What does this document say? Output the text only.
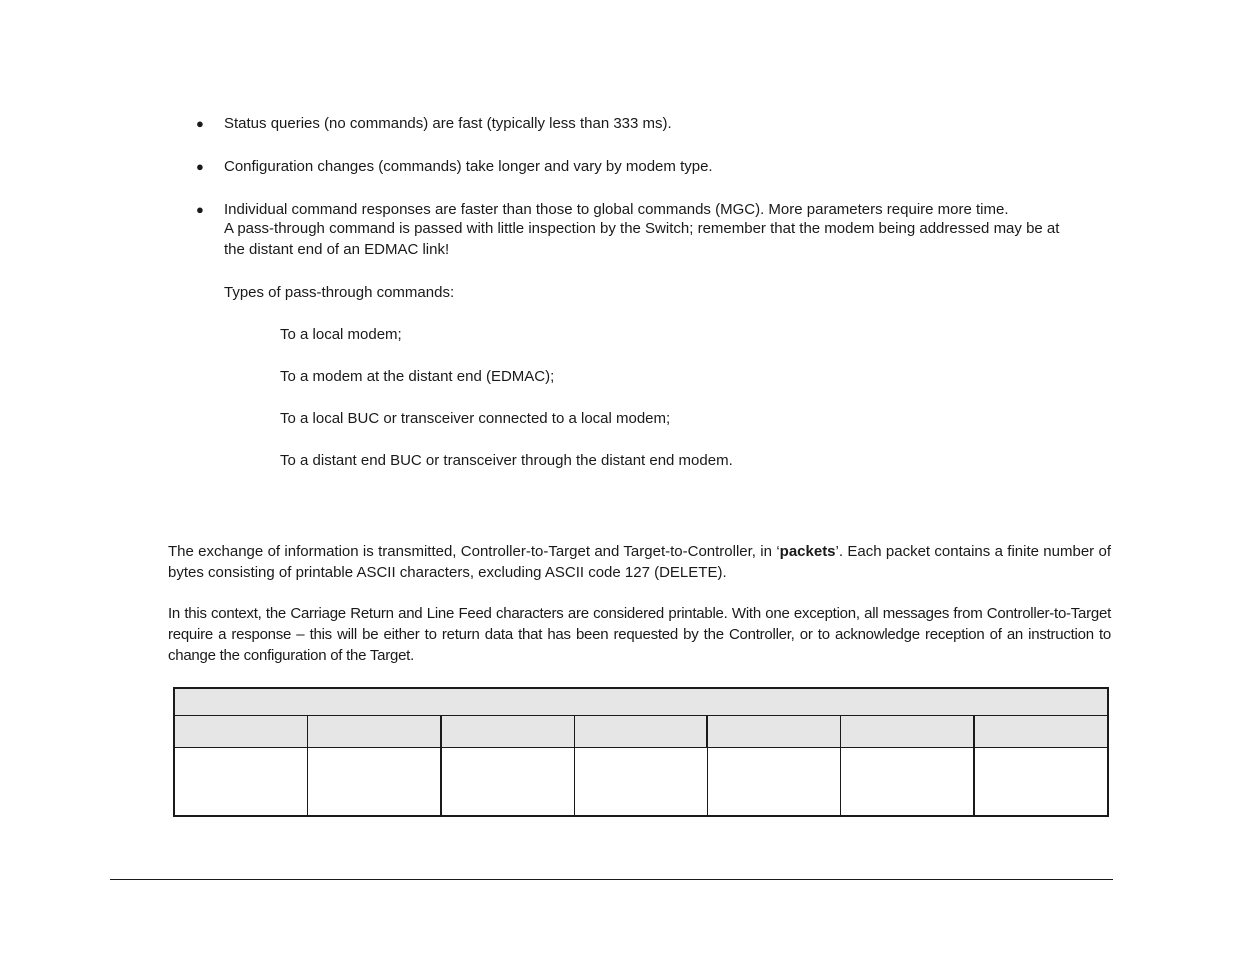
● Status queries (no commands) are fast (typically less than 333 ms).
● Configuration changes (commands) take longer and vary by modem type.
● Individual command responses are faster than those to global commands (MGC). More parameters require more time.
A pass-through command is passed with little inspection by the Switch; remember that the modem being addressed may be at
the distant end of an EDMAC link!
Types of pass-through commands:
To a local modem;
To a modem at the distant end (EDMAC);
To a local BUC or transceiver connected to a local modem;
To a distant end BUC or transceiver through the distant end modem.
The exchange of information is transmitted, Controller-to-Target and Target-to-Controller, in ‘packets’. Each packet contains a finite number of bytes consisting of printable ASCII characters, excluding ASCII code 127 (DELETE).
In this context, the Carriage Return and Line Feed characters are considered printable. With one exception, all messages from Controller-to-Target require a response – this will be either to return data that has been requested by the Controller, or to acknowledge reception of an instruction to change the configuration of the Target.
